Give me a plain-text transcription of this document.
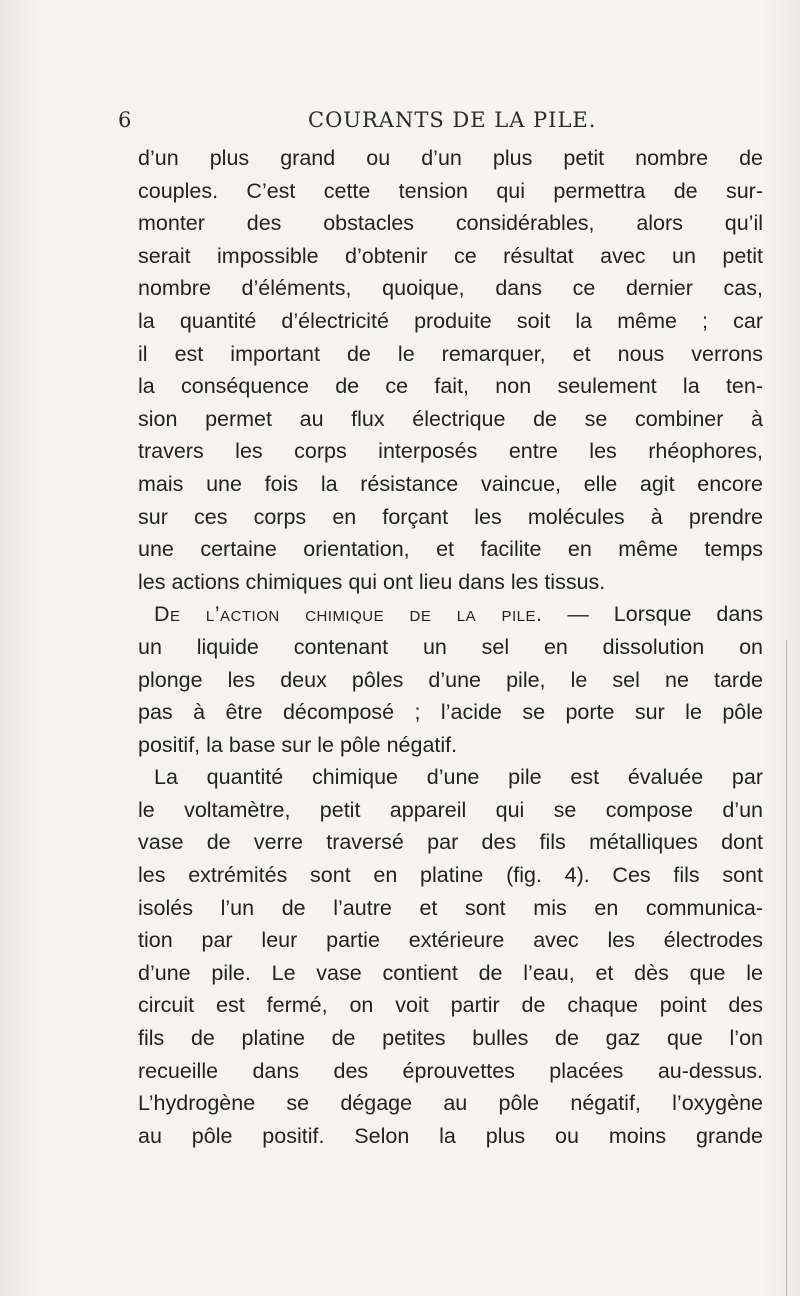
6	COURANTS DE LA PILE.
d’un plus grand ou d’un plus petit nombre de
couples. C’est cette tension qui permettra de sur-
monter des obstacles considérables, alors qu’il
serait impossible d’obtenir ce résultat avec un petit
nombre d’éléments, quoique, dans ce dernier cas,
la quantité d’électricité produite soit la même ; car
il est important de le remarquer, et nous verrons
la conséquence de ce fait, non seulement la ten-
sion permet au flux électrique de se combiner à
travers les corps interposés entre les rhéophores,
mais une fois la résistance vaincue, elle agit encore
sur ces corps en forçant les molécules à prendre
une certaine orientation, et facilite en même temps
les actions chimiques qui ont lieu dans les tissus.
De l’action chimique de la pile. — Lorsque dans
un liquide contenant un sel en dissolution on
plonge les deux pôles d’une pile, le sel ne tarde
pas à être décomposé ; l’acide se porte sur le pôle
positif, la base sur le pôle négatif.
La quantité chimique d’une pile est évaluée par
le voltamètre, petit appareil qui se compose d’un
vase de verre traversé par des fils métalliques dont
les extrémités sont en platine (fig. 4). Ces fils sont
isolés l’un de l’autre et sont mis en communica-
tion par leur partie extérieure avec les électrodes
d’une pile. Le vase contient de l’eau, et dès que le
circuit est fermé, on voit partir de chaque point des
fils de platine de petites bulles de gaz que l’on
recueille dans des éprouvettes placées au-dessus.
L’hydrogène se dégage au pôle négatif, l’oxygène
au pôle positif. Selon la plus ou moins grande
